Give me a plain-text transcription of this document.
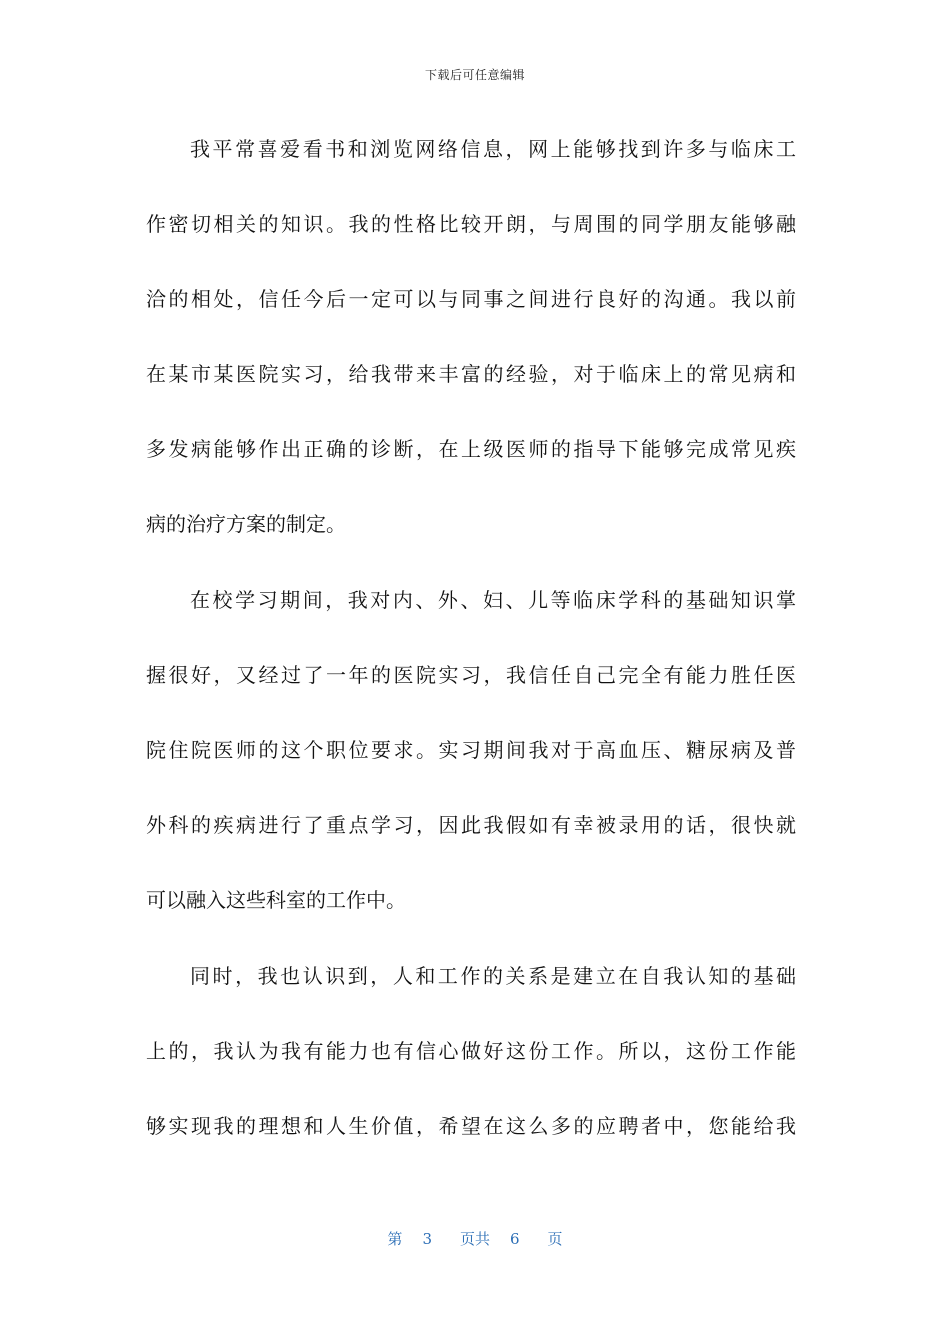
下载后可任意编辑
我平常喜爱看书和浏览网络信息，网上能够找到许多与临床工
作密切相关的知识。我的性格比较开朗，与周围的同学朋友能够融
洽的相处，信任今后一定可以与同事之间进行良好的沟通。我以前
在某市某医院实习，给我带来丰富的经验，对于临床上的常见病和
多发病能够作出正确的诊断，在上级医师的指导下能够完成常见疾
病的治疗方案的制定。
在校学习期间，我对内、外、妇、儿等临床学科的基础知识掌
握很好，又经过了一年的医院实习，我信任自己完全有能力胜任医
院住院医师的这个职位要求。实习期间我对于高血压、糖尿病及普
外科的疾病进行了重点学习，因此我假如有幸被录用的话，很快就
可以融入这些科室的工作中。
同时，我也认识到，人和工作的关系是建立在自我认知的基础
上的，我认为我有能力也有信心做好这份工作。所以，这份工作能
够实现我的理想和人生价值，希望在这么多的应聘者中，您能给我
第 3 页共 6 页
